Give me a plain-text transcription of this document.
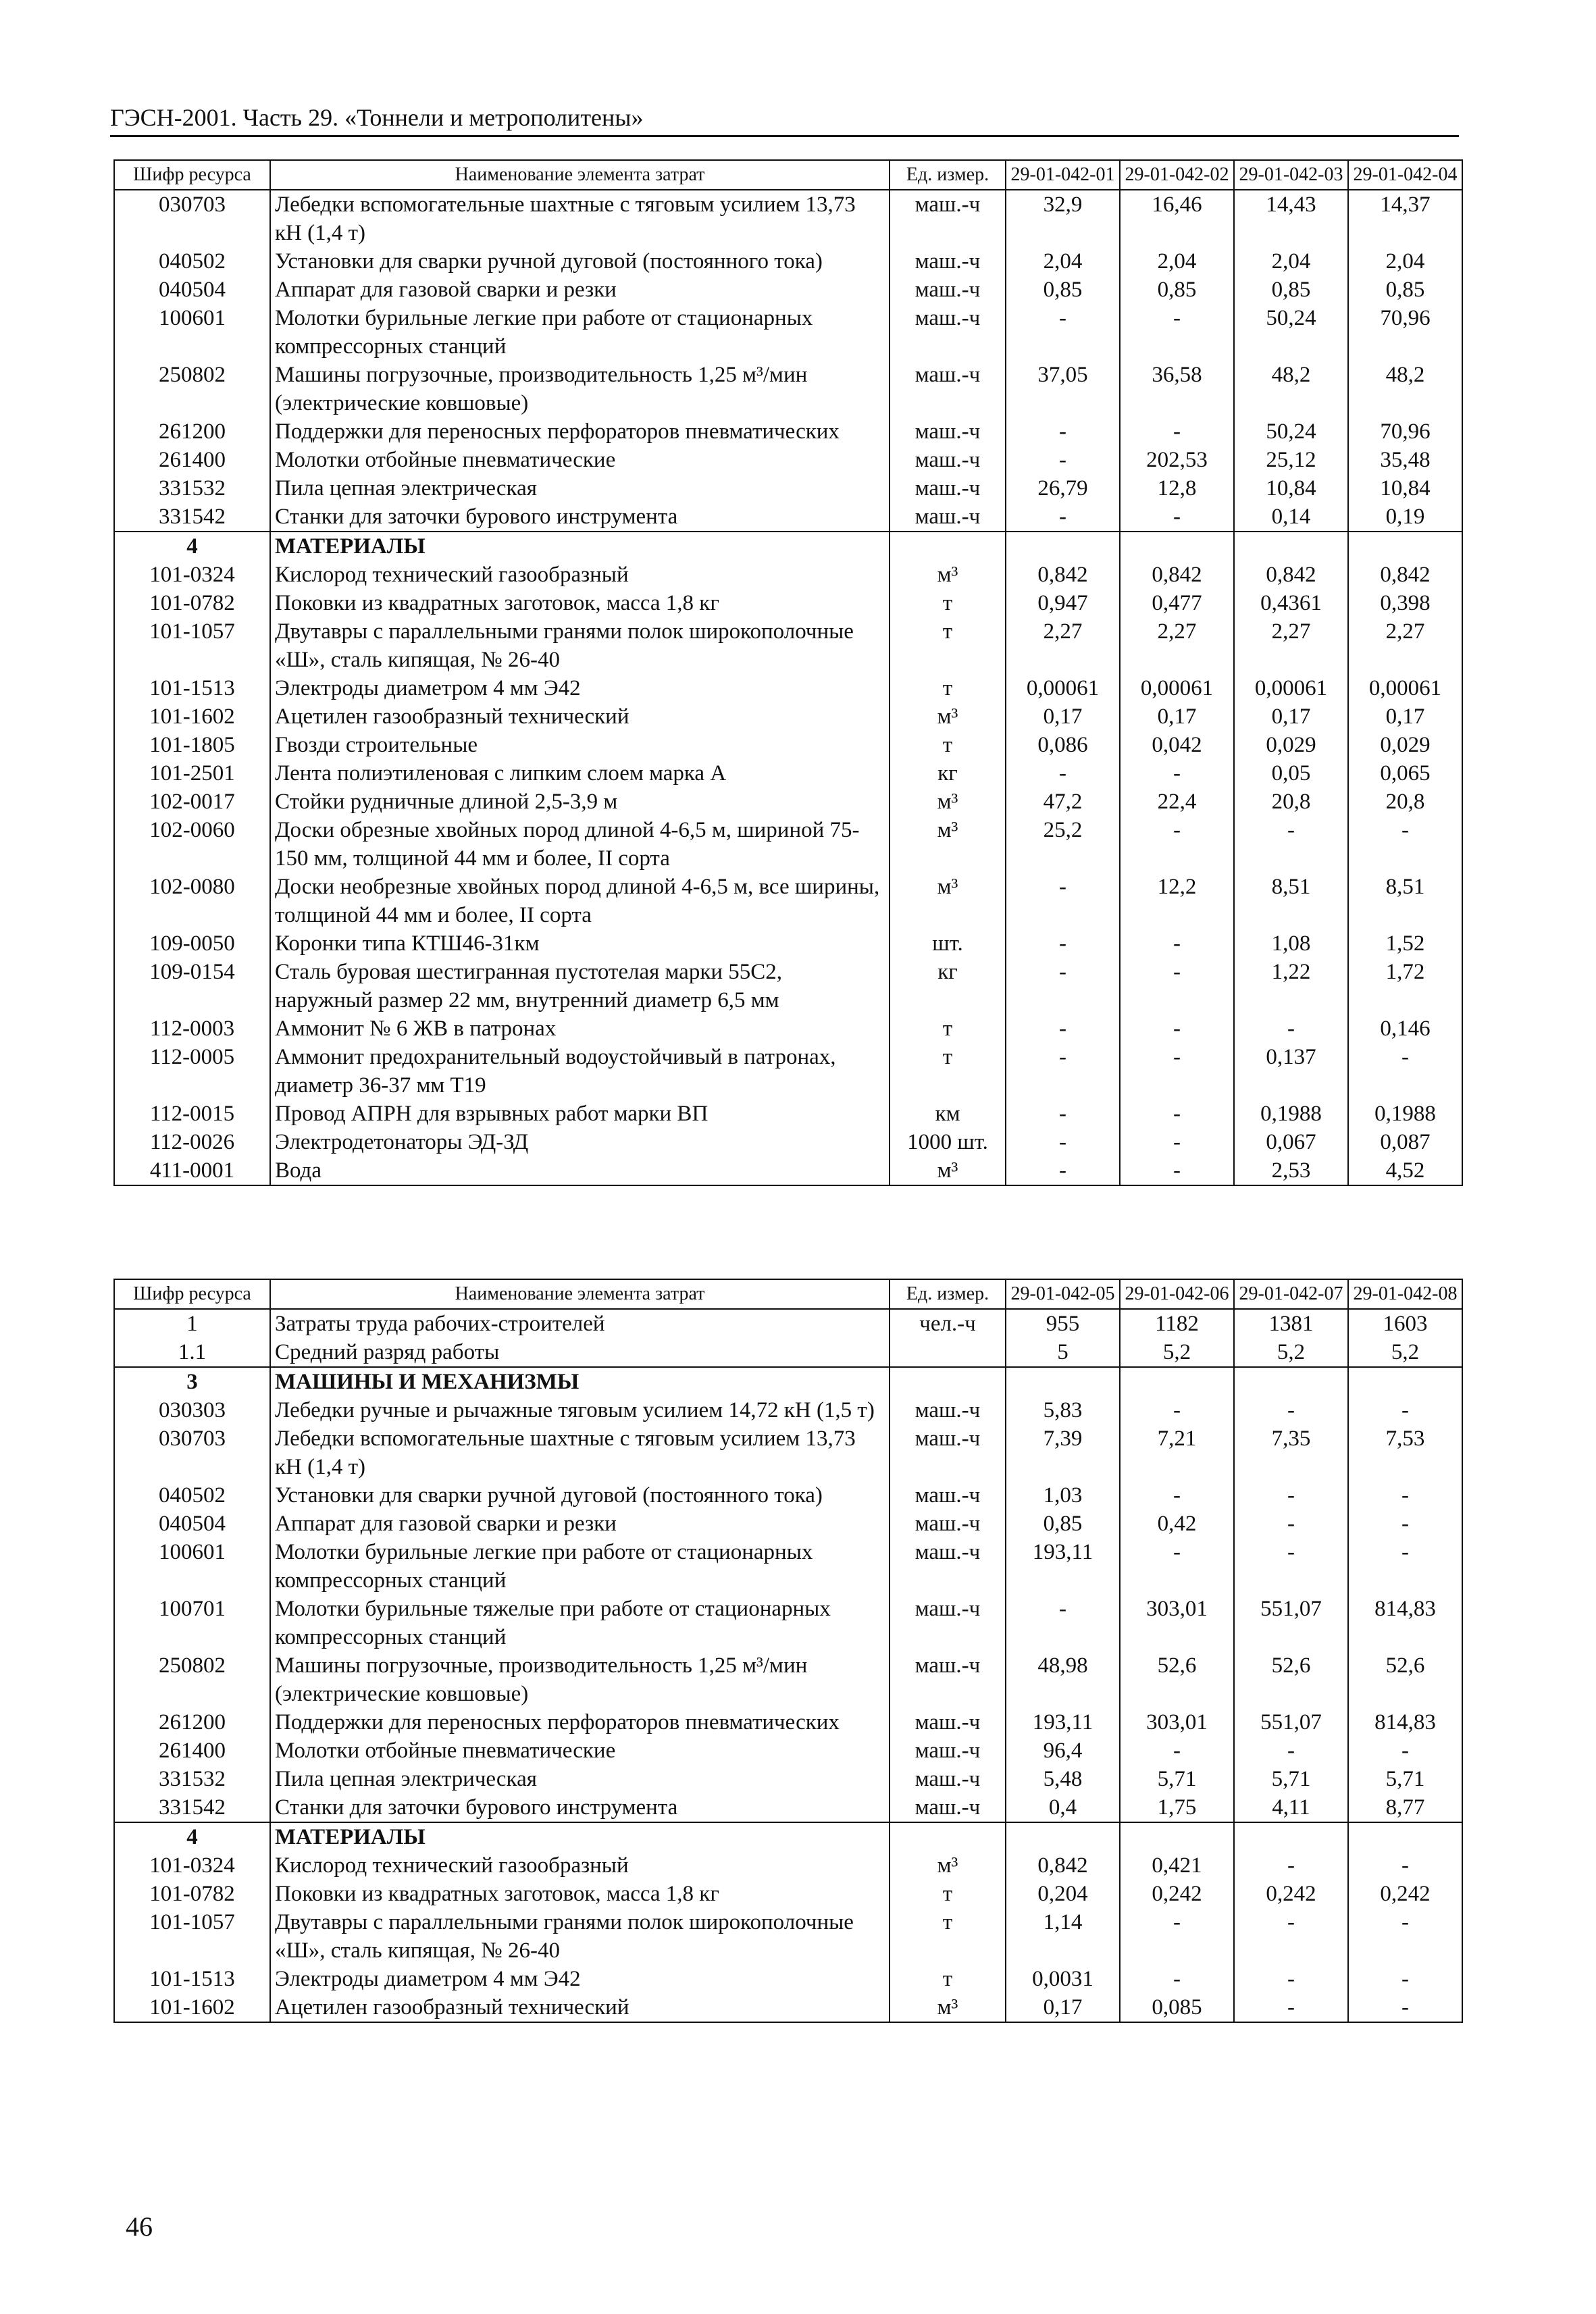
ГЭСН-2001. Часть 29. «Тоннели и метрополитены»
Шифр ресурса	Наименование элемента затрат	Ед. измер.	29-01-042-01	29-01-042-02	29-01-042-03	29-01-042-04
030703	Лебедки вспомогательные шахтные с тяговым усилием 13,73 кН (1,4 т)	маш.-ч	32,9	16,46	14,43	14,37
040502	Установки для сварки ручной дуговой (постоянного тока)	маш.-ч	2,04	2,04	2,04	2,04
040504	Аппарат для газовой сварки и резки	маш.-ч	0,85	0,85	0,85	0,85
100601	Молотки бурильные легкие при работе от стационарных компрессорных станций	маш.-ч	-	-	50,24	70,96
250802	Машины погрузочные, производительность 1,25 м³/мин (электрические ковшовые)	маш.-ч	37,05	36,58	48,2	48,2
261200	Поддержки для переносных перфораторов пневматических	маш.-ч	-	-	50,24	70,96
261400	Молотки отбойные пневматические	маш.-ч	-	202,53	25,12	35,48
331532	Пила цепная электрическая	маш.-ч	26,79	12,8	10,84	10,84
331542	Станки для заточки бурового инструмента	маш.-ч	-	-	0,14	0,19
4	МАТЕРИАЛЫ					
101-0324	Кислород технический газообразный	м³	0,842	0,842	0,842	0,842
101-0782	Поковки из квадратных заготовок, масса 1,8 кг	т	0,947	0,477	0,4361	0,398
101-1057	Двутавры с параллельными гранями полок широкополочные «Ш», сталь кипящая, № 26-40	т	2,27	2,27	2,27	2,27
101-1513	Электроды диаметром 4 мм Э42	т	0,00061	0,00061	0,00061	0,00061
101-1602	Ацетилен газообразный технический	м³	0,17	0,17	0,17	0,17
101-1805	Гвозди строительные	т	0,086	0,042	0,029	0,029
101-2501	Лента полиэтиленовая с липким слоем марка А	кг	-	-	0,05	0,065
102-0017	Стойки рудничные длиной 2,5-3,9 м	м³	47,2	22,4	20,8	20,8
102-0060	Доски обрезные хвойных пород длиной 4-6,5 м, шириной 75-150 мм, толщиной 44 мм и более, II сорта	м³	25,2	-	-	-
102-0080	Доски необрезные хвойных пород длиной 4-6,5 м, все ширины, толщиной 44 мм и более, II сорта	м³	-	12,2	8,51	8,51
109-0050	Коронки типа КТШ46-31км	шт.	-	-	1,08	1,52
109-0154	Сталь буровая шестигранная пустотелая марки 55С2, наружный размер 22 мм, внутренний диаметр 6,5 мм	кг	-	-	1,22	1,72
112-0003	Аммонит № 6 ЖВ в патронах	т	-	-	-	0,146
112-0005	Аммонит предохранительный водоустойчивый в патронах, диаметр 36-37 мм Т19	т	-	-	0,137	-
112-0015	Провод АПРН для взрывных работ марки ВП	км	-	-	0,1988	0,1988
112-0026	Электродетонаторы ЭД-ЗД	1000 шт.	-	-	0,067	0,087
411-0001	Вода	м³	-	-	2,53	4,52
Шифр ресурса	Наименование элемента затрат	Ед. измер.	29-01-042-05	29-01-042-06	29-01-042-07	29-01-042-08
1	Затраты труда рабочих-строителей	чел.-ч	955	1182	1381	1603
1.1	Средний разряд работы		5	5,2	5,2	5,2
3	МАШИНЫ И МЕХАНИЗМЫ					
030303	Лебедки ручные и рычажные тяговым усилием 14,72 кН (1,5 т)	маш.-ч	5,83	-	-	-
030703	Лебедки вспомогательные шахтные с тяговым усилием 13,73 кН (1,4 т)	маш.-ч	7,39	7,21	7,35	7,53
040502	Установки для сварки ручной дуговой (постоянного тока)	маш.-ч	1,03	-	-	-
040504	Аппарат для газовой сварки и резки	маш.-ч	0,85	0,42	-	-
100601	Молотки бурильные легкие при работе от стационарных компрессорных станций	маш.-ч	193,11	-	-	-
100701	Молотки бурильные тяжелые при работе от стационарных компрессорных станций	маш.-ч	-	303,01	551,07	814,83
250802	Машины погрузочные, производительность 1,25 м³/мин (электрические ковшовые)	маш.-ч	48,98	52,6	52,6	52,6
261200	Поддержки для переносных перфораторов пневматических	маш.-ч	193,11	303,01	551,07	814,83
261400	Молотки отбойные пневматические	маш.-ч	96,4	-	-	-
331532	Пила цепная электрическая	маш.-ч	5,48	5,71	5,71	5,71
331542	Станки для заточки бурового инструмента	маш.-ч	0,4	1,75	4,11	8,77
4	МАТЕРИАЛЫ					
101-0324	Кислород технический газообразный	м³	0,842	0,421	-	-
101-0782	Поковки из квадратных заготовок, масса 1,8 кг	т	0,204	0,242	0,242	0,242
101-1057	Двутавры с параллельными гранями полок широкополочные «Ш», сталь кипящая, № 26-40	т	1,14	-	-	-
101-1513	Электроды диаметром 4 мм Э42	т	0,0031	-	-	-
101-1602	Ацетилен газообразный технический	м³	0,17	0,085	-	-
46
